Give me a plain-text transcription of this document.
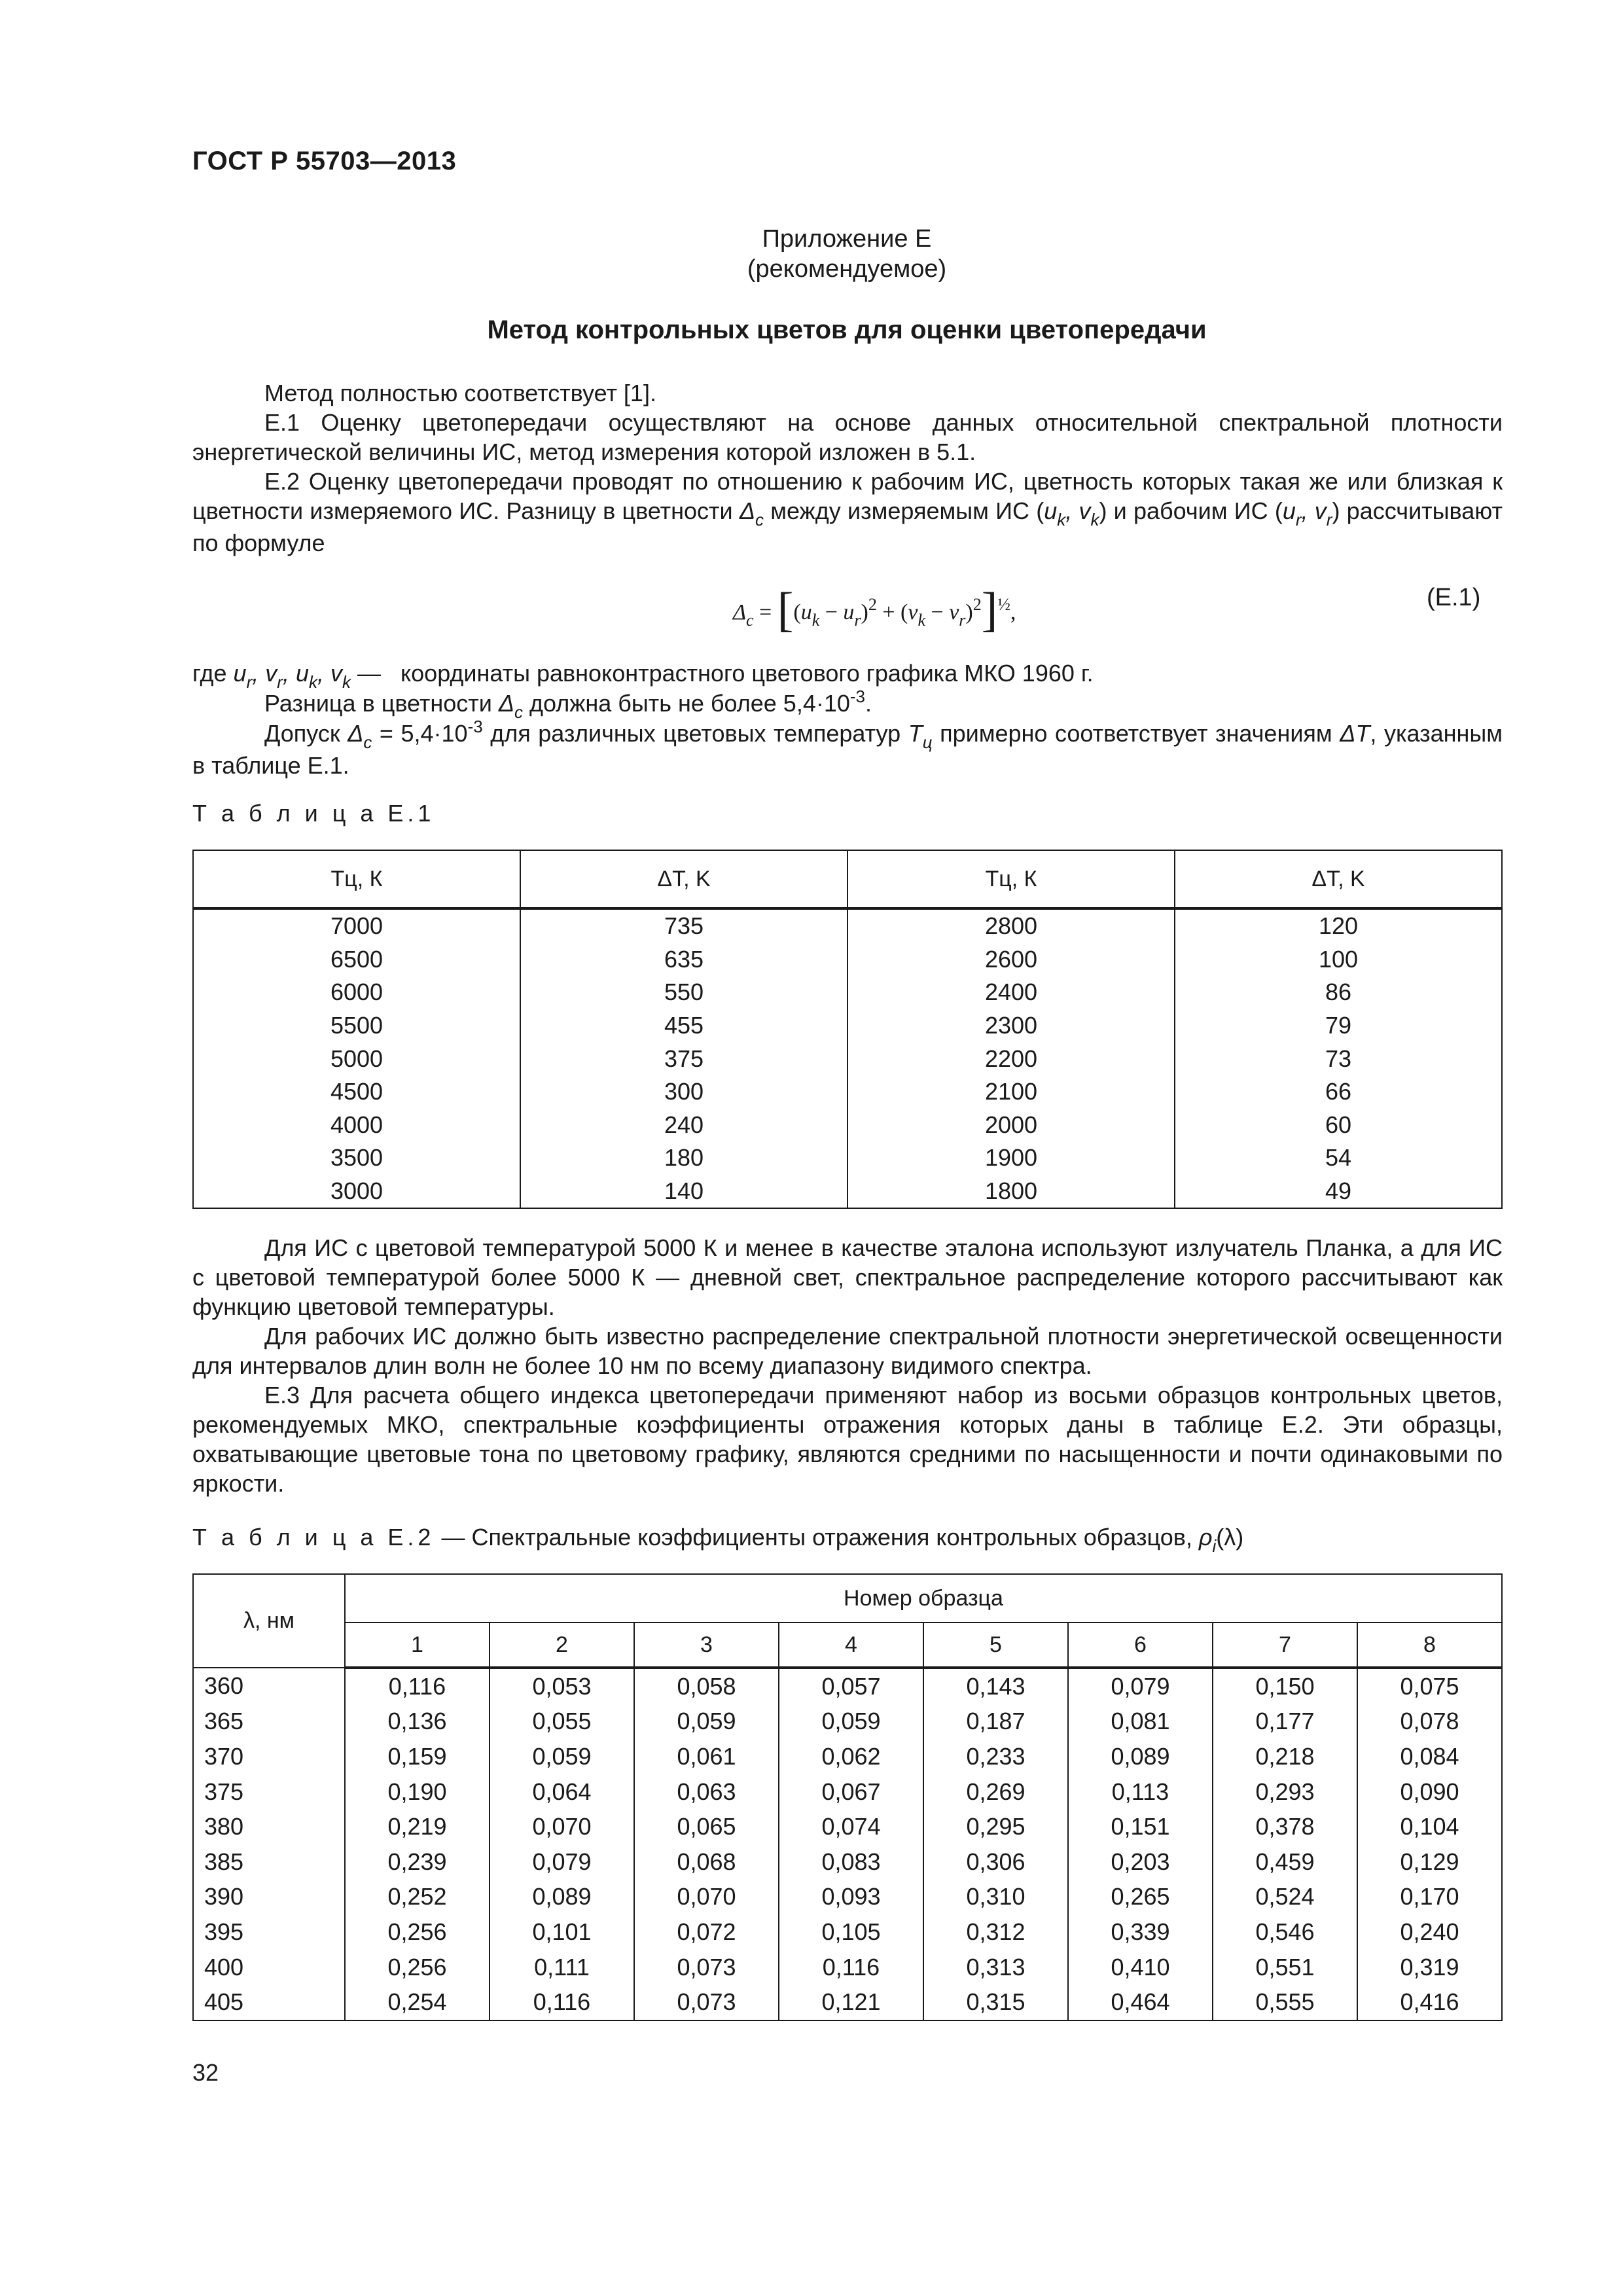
ГОСТ Р 55703—2013
Приложение Е
(рекомендуемое)
Метод контрольных цветов для оценки цветопередачи

Метод полностью соответствует [1].

Е.1 Оценку цветопередачи осуществляют на основе данных относительной спектральной плотности энергетической величины ИС, метод измерения которой изложен в 5.1.

Е.2 Оценку цветопередачи проводят по отношению к рабочим ИС, цветность которых такая же или близкая к цветности измеряемого ИС. Разницу в цветности $\Delta_c$ между измеряемым ИС ($u_k$, $v_k$) и рабочим ИС ($u_r$, $v_r$) рассчитывают по формуле

$\Delta_c = [(u_k - u_r)^2 + (v_k - v_r)^2]^{\frac{1}{2}}$,
(Е.1)
где $u_r$, $v_r$, $u_k$, $v_k$ —   координаты равноконтрастного цветового графика МКО 1960 г.
Разница в цветности $\Delta_c$ должна быть не более $5,4\cdot 10^{-3}$.

Допуск $\Delta_c = 5,4\cdot 10^{-3}$ для различных цветовых температур $T_ц$ примерно соответствует значениям ΔT, указанным в таблице Е.1.

Т а б л и ц а Е.1
Тц, К	ΔT, K	Тц, К	ΔT, K
7000	735	2800	120
6500	635	2600	100
6000	550	2400	86
5500	455	2300	79
5000	375	2200	73
4500	300	2100	66
4000	240	2000	60
3500	180	1900	54
3000	140	1800	49

Для ИС с цветовой температурой 5000 К и менее в качестве эталона используют излучатель Планка, а для ИС с цветовой температурой более 5000 К — дневной свет, спектральное распределение которого рассчитывают как функцию цветовой температуры.

Для рабочих ИС должно быть известно распределение спектральной плотности энергетической освещенности для интервалов длин волн не более 10 нм по всему диапазону видимого спектра.

Е.3 Для расчета общего индекса цветопередачи применяют набор из восьми образцов контрольных цветов, рекомендуемых МКО, спектральные коэффициенты отражения которых даны в таблице Е.2. Эти образцы, охватывающие цветовые тона по цветовому графику, являются средними по насыщенности и почти одинаковыми по яркости.

Т а б л и ц а Е.2 — Спектральные коэффициенты отражения контрольных образцов, $\rho_i(\lambda)$
λ, нм	Номер образца							
	1	2	3	4	5	6	7	8
360	0,116	0,053	0,058	0,057	0,143	0,079	0,150	0,075
365	0,136	0,055	0,059	0,059	0,187	0,081	0,177	0,078
370	0,159	0,059	0,061	0,062	0,233	0,089	0,218	0,084
375	0,190	0,064	0,063	0,067	0,269	0,113	0,293	0,090
380	0,219	0,070	0,065	0,074	0,295	0,151	0,378	0,104
385	0,239	0,079	0,068	0,083	0,306	0,203	0,459	0,129
390	0,252	0,089	0,070	0,093	0,310	0,265	0,524	0,170
395	0,256	0,101	0,072	0,105	0,312	0,339	0,546	0,240
400	0,256	0,111	0,073	0,116	0,313	0,410	0,551	0,319
405	0,254	0,116	0,073	0,121	0,315	0,464	0,555	0,416
32
